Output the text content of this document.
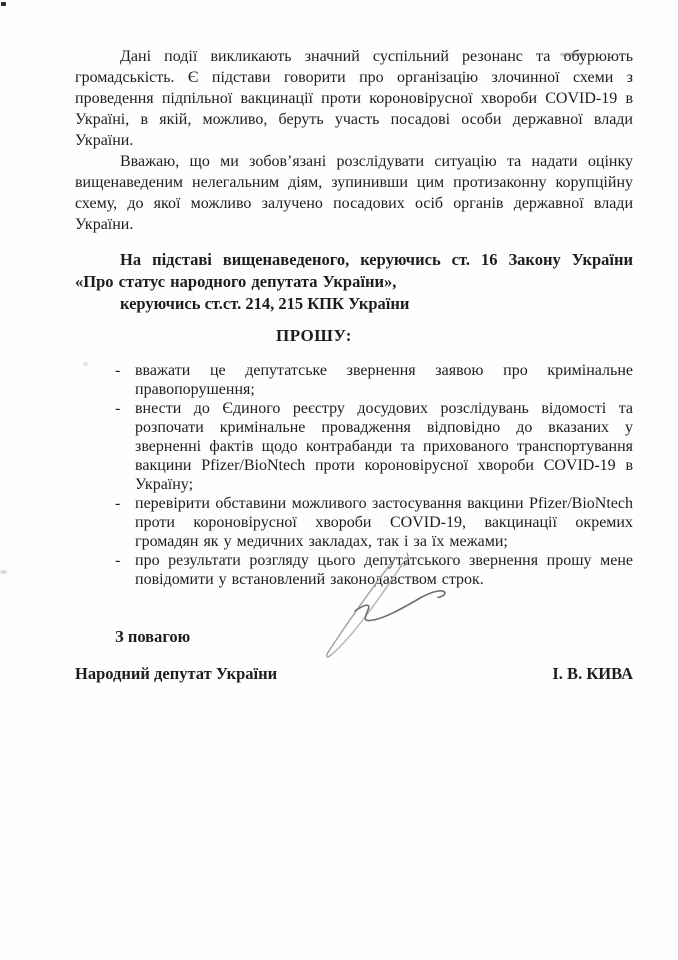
Дані події викликають значний суспільний резонанс та обурюють громадськість. Є підстави говорити про організацію злочинної схеми з проведення підпільної вакцинації проти короновірусної хвороби COVID-19 в Україні, в якій, можливо, беруть участь посадові особи державної влади України.

Вважаю, що ми зобов’язані розслідувати ситуацію та надати оцінку вищенаведеним нелегальним діям, зупинивши цим протизаконну корупційну схему, до якої можливо залучено посадових осіб органів державної влади України.

На підставі вищенаведеного, керуючись ст. 16 Закону України «Про статус народного депутата України»,

керуючись ст.ст. 214, 215 КПК України

ПРОШУ:
- вважати це депутатське звернення заявою про кримінальне правопорушення;
- внести до Єдиного реєстру досудових розслідувань відомості та розпочати кримінальне провадження відповідно до вказаних у зверненні фактів щодо контрабанди та прихованого транспортування вакцини Pfizer/BioNtech проти короновірусної хвороби COVID-19 в Україну;
- перевірити обставини можливого застосування вакцини Pfizer/BioNtech проти короновірусної хвороби COVID-19, вакцинації окремих громадян як у медичних закладах, так і за їх межами;
- про результати розгляду цього депутатського звернення прошу мене повідомити у встановлений законодавством строк.
З повагою
Народний депутат України	І. В. КИВА
